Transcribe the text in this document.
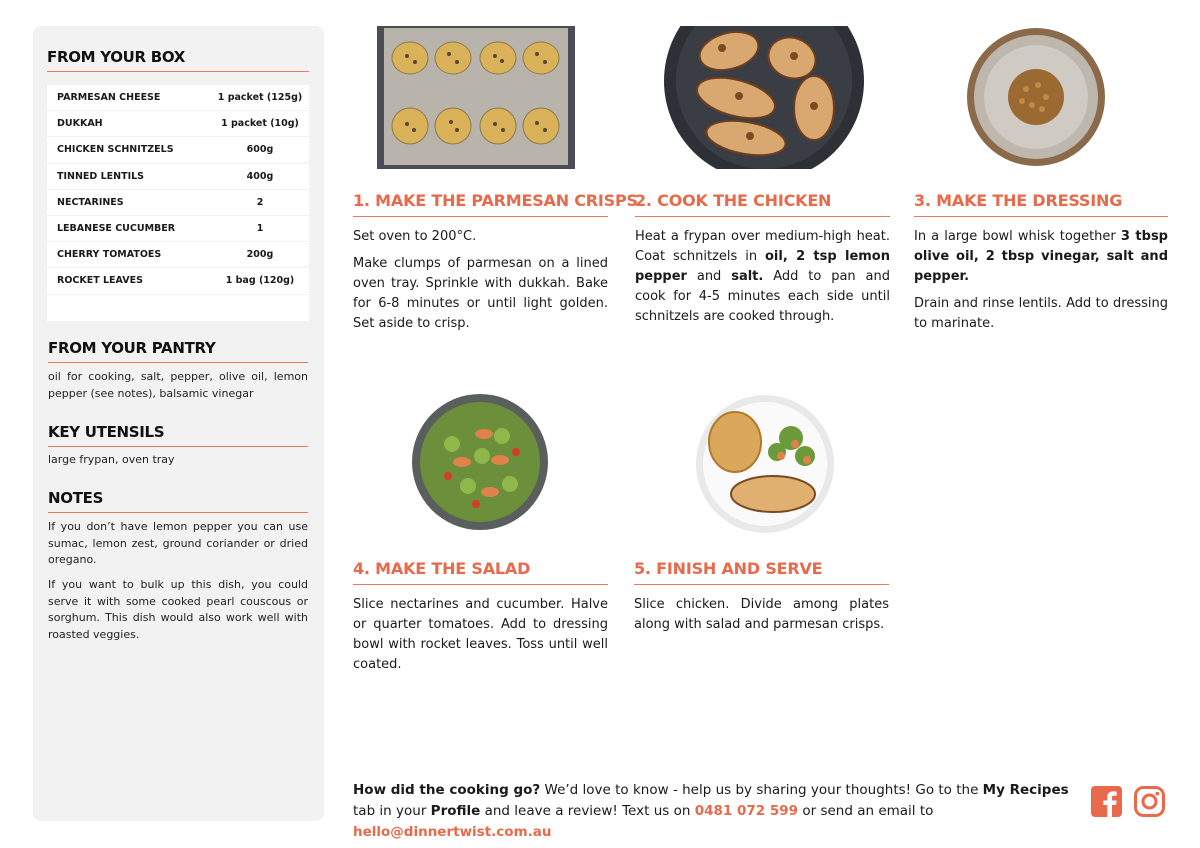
FROM YOUR BOX
PARMESAN CHEESE	1 packet (125g)
DUKKAH	1 packet (10g)
CHICKEN SCHNITZELS	600g
TINNED LENTILS	400g
NECTARINES	2
LEBANESE CUCUMBER	1
CHERRY TOMATOES	200g
ROCKET LEAVES	1 bag (120g)
FROM YOUR PANTRY
oil for cooking, salt, pepper, olive oil, lemon pepper (see notes), balsamic vinegar
KEY UTENSILS
large frypan, oven tray
NOTES
If you don’t have lemon pepper you can use sumac, lemon zest, ground coriander or dried oregano.
If you want to bulk up this dish, you could serve it with some cooked pearl couscous or sorghum. This dish would also work well with roasted veggies.
1. MAKE THE PARMESAN CRISPS

Set oven to 200°C.

Make clumps of parmesan on a lined oven tray. Sprinkle with dukkah. Bake for 6-8 minutes or until light golden. Set aside to crisp.

2. COOK THE CHICKEN

Heat a frypan over medium-high heat. Coat schnitzels in oil, 2 tsp lemon pepper and salt. Add to pan and cook for 4-5 minutes each side until schnitzels are cooked through.

3. MAKE THE DRESSING

In a large bowl whisk together 3 tbsp olive oil, 2 tbsp vinegar, salt and pepper.

Drain and rinse lentils. Add to dressing to marinate.

4. MAKE THE SALAD

Slice nectarines and cucumber. Halve or quarter tomatoes. Add to dressing bowl with rocket leaves. Toss until well coated.

5. FINISH AND SERVE

Slice chicken. Divide among plates along with salad and parmesan crisps.

How did the cooking go? We’d love to know - help us by sharing your thoughts! Go to the My Recipes tab in your Profile and leave a review! Text us on 0481 072 599 or send an email to hello@dinnertwist.com.au
